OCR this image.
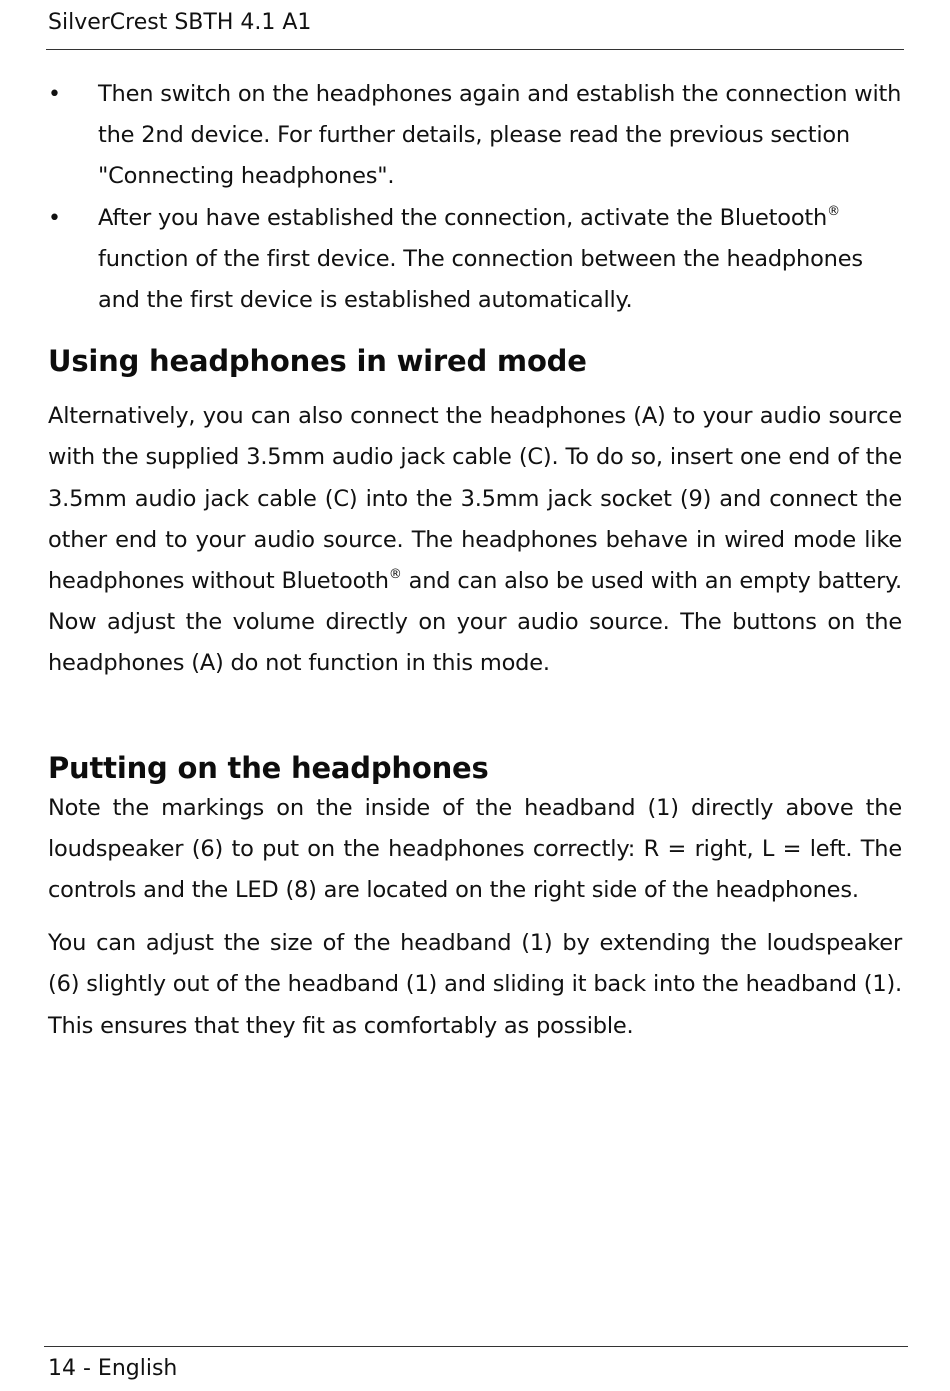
SilverCrest SBTH 4.1 A1
• Then switch on the headphones again and establish the connection with the 2nd device. For further details, please read the previous section "Connecting headphones".
• After you have established the connection, activate the Bluetooth® function of the first device. The connection between the headphones and the first device is established automatically.
Using headphones in wired mode

Alternatively, you can also connect the headphones (A) to your audio source with the supplied 3.5mm audio jack cable (C). To do so, insert one end of the 3.5mm audio jack cable (C) into the 3.5mm jack socket (9) and connect the other end to your audio source. The headphones behave in wired mode like headphones without Bluetooth® and can also be used with an empty battery. Now adjust the volume directly on your audio source. The buttons on the headphones (A) do not function in this mode.

Putting on the headphones

Note the markings on the inside of the headband (1) directly above the loudspeaker (6) to put on the headphones correctly: R = right, L = left. The controls and the LED (8) are located on the right side of the headphones.

You can adjust the size of the headband (1) by extending the loudspeaker (6) slightly out of the headband (1) and sliding it back into the headband (1). This ensures that they fit as comfortably as possible.

14 - English
